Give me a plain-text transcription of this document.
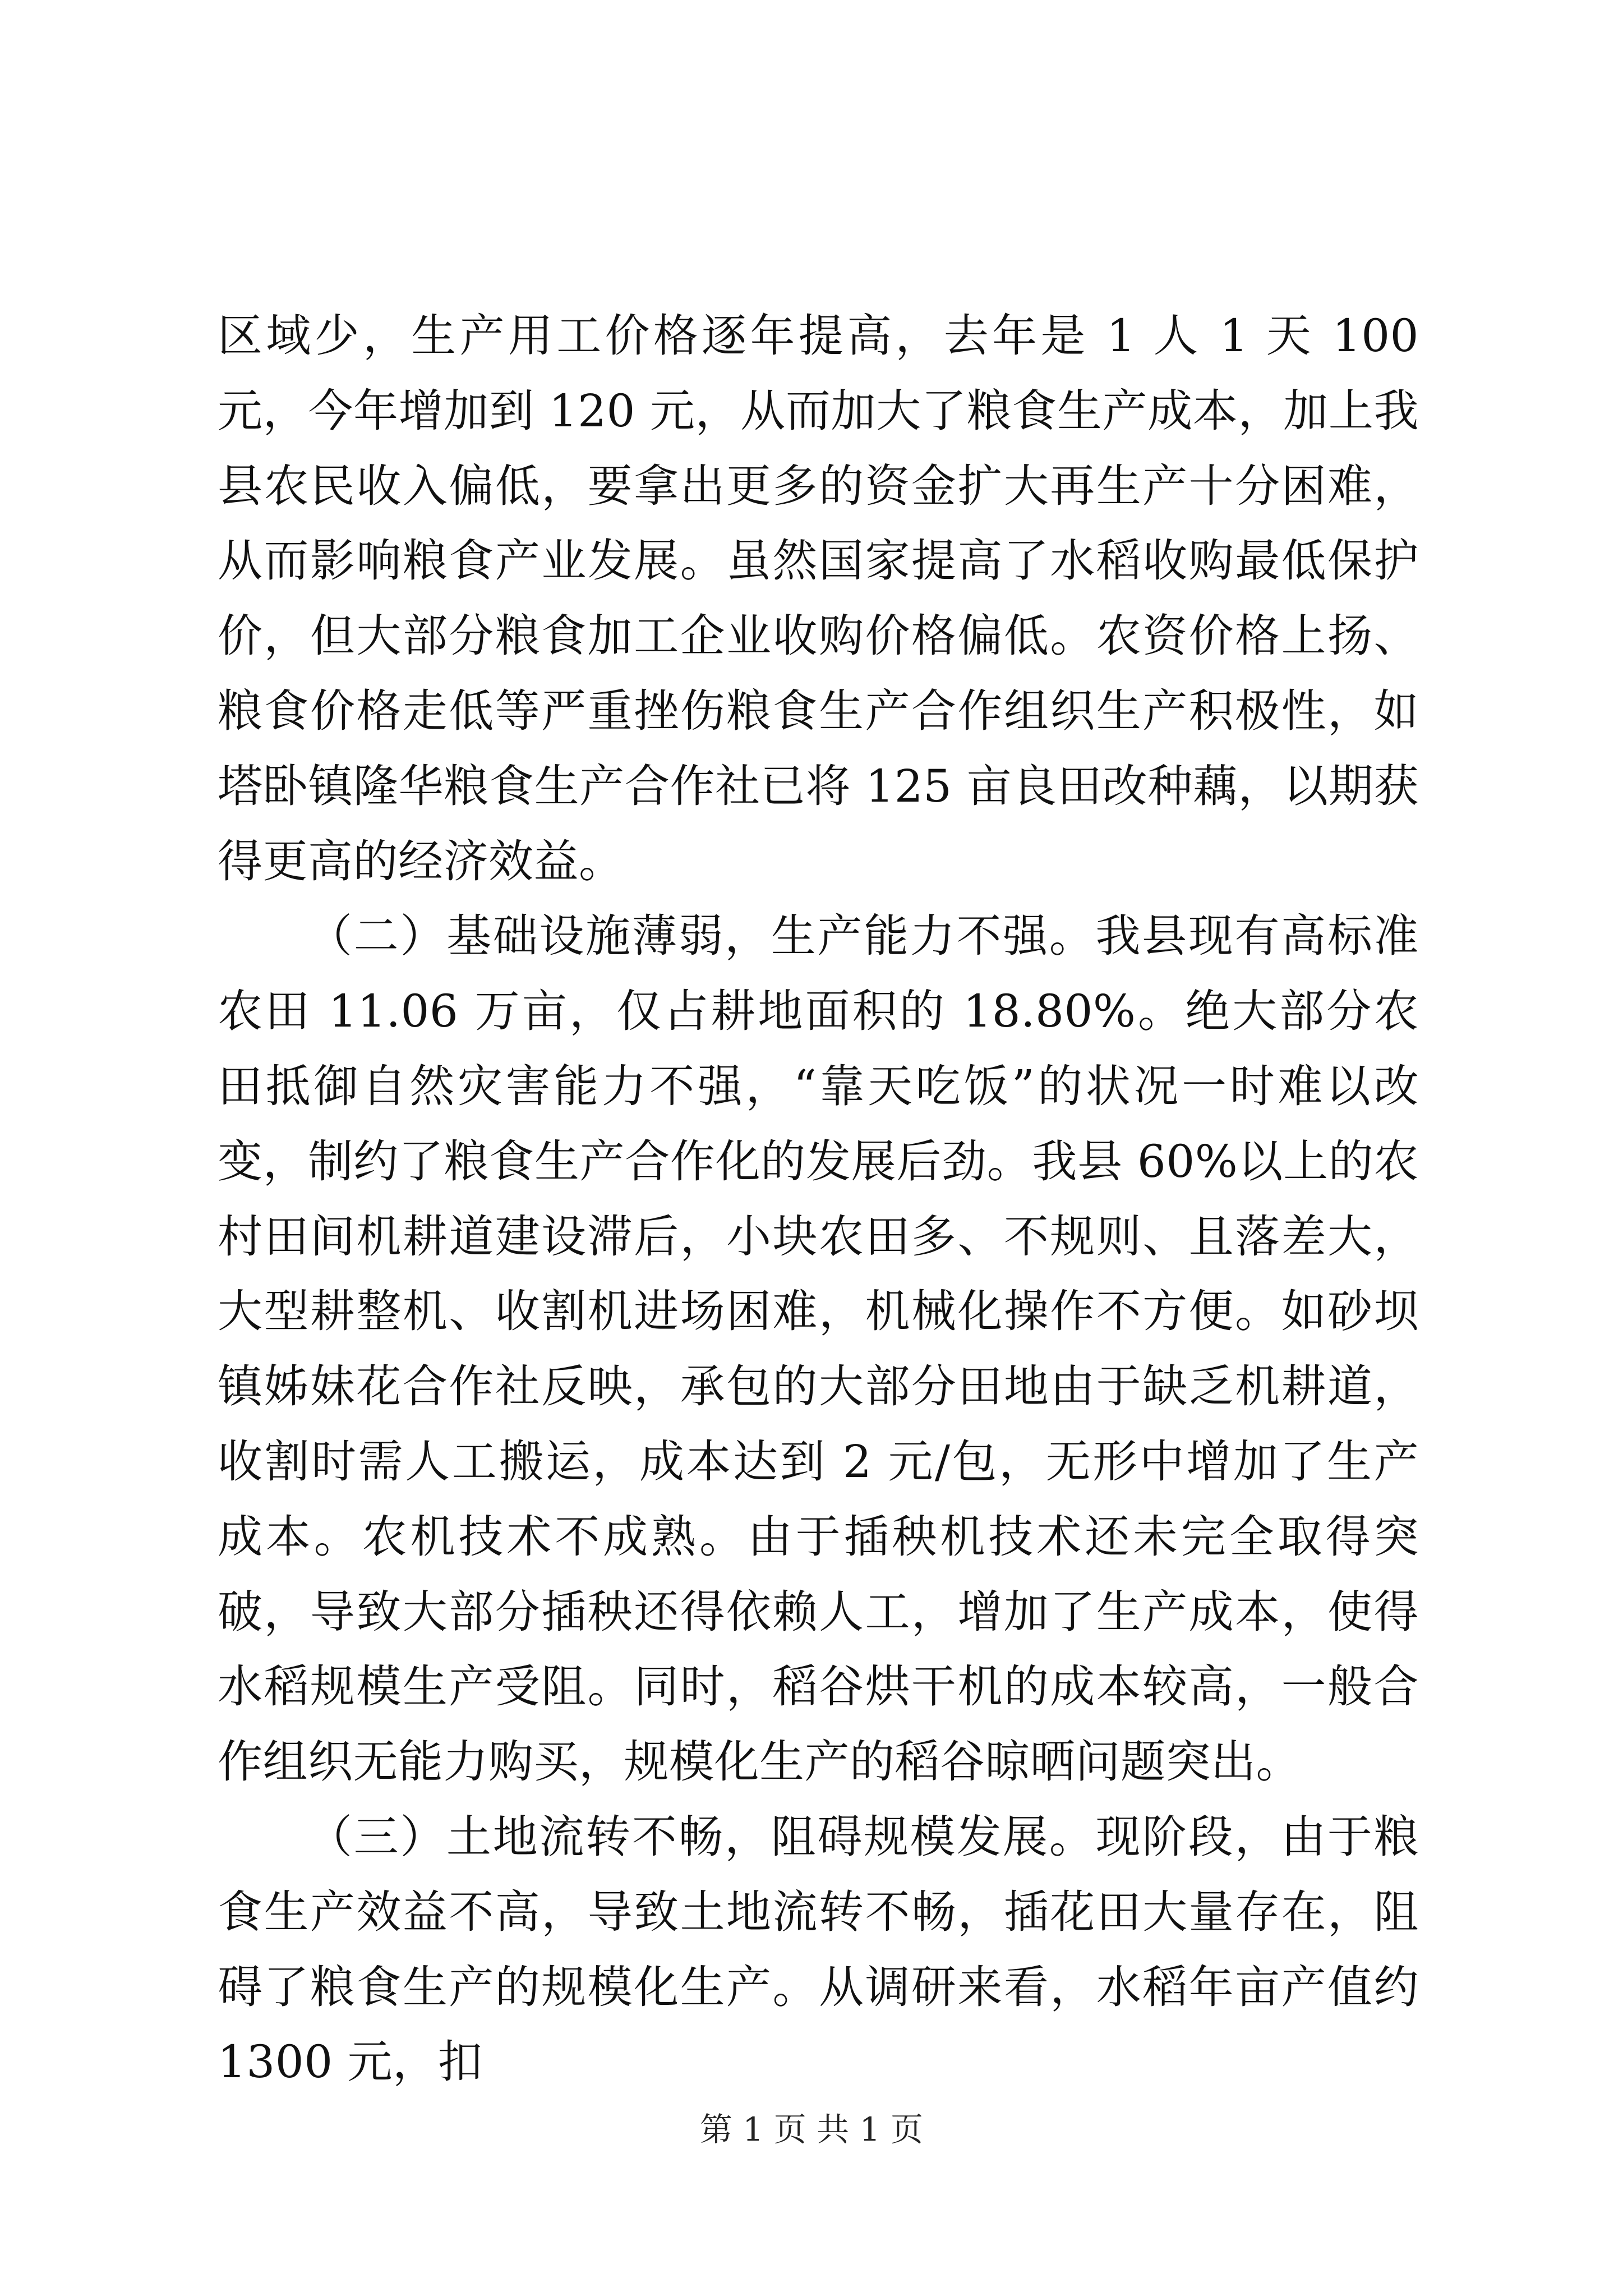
区域少，生产用工价格逐年提高，去年是 1 人 1 天 100 元，今年增加到 120 元，从而加大了粮食生产成本，加上我县农民收入偏低，要拿出更多的资金扩大再生产十分困难，从而影响粮食产业发展。虽然国家提高了水稻收购最低保护价，但大部分粮食加工企业收购价格偏低。农资价格上扬、粮食价格走低等严重挫伤粮食生产合作组织生产积极性，如塔卧镇隆华粮食生产合作社已将 125 亩良田改种藕，以期获得更高的经济效益。

（二）基础设施薄弱，生产能力不强。我县现有高标准农田 11.06 万亩，仅占耕地面积的 18.80%。绝大部分农田抵御自然灾害能力不强，“靠天吃饭”的状况一时难以改变，制约了粮食生产合作化的发展后劲。我县 60%以上的农村田间机耕道建设滞后，小块农田多、不规则、且落差大，大型耕整机、收割机进场困难，机械化操作不方便。如砂坝镇姊妹花合作社反映，承包的大部分田地由于缺乏机耕道，收割时需人工搬运，成本达到 2 元/包，无形中增加了生产成本。农机技术不成熟。由于插秧机技术还未完全取得突破，导致大部分插秧还得依赖人工，增加了生产成本，使得水稻规模生产受阻。同时，稻谷烘干机的成本较高，一般合作组织无能力购买，规模化生产的稻谷晾晒问题突出。

（三）土地流转不畅，阻碍规模发展。现阶段，由于粮食生产效益不高，导致土地流转不畅，插花田大量存在，阻碍了粮食生产的规模化生产。从调研来看，水稻年亩产值约 1300 元，扣

第 1 页 共 1 页
